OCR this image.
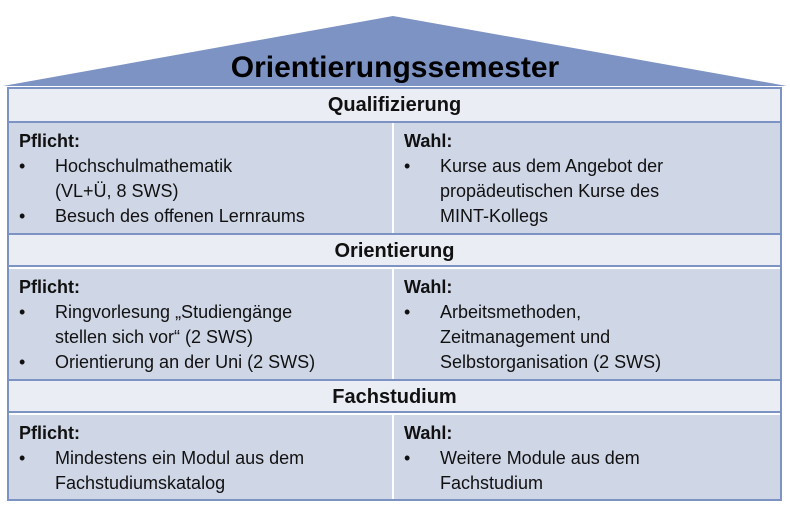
Orientierungssemester
Qualifizierung
Pflicht:
•	Hochschulmathematik
(VL+Ü, 8 SWS)
•	Besuch des offenen Lernraums
Wahl:
•	Kurse aus dem Angebot der
propädeutischen Kurse des
MINT-Kollegs
Orientierung
Pflicht:
•	Ringvorlesung „Studiengänge
stellen sich vor“ (2 SWS)
•	Orientierung an der Uni (2 SWS)
Wahl:
•	Arbeitsmethoden,
Zeitmanagement und
Selbstorganisation (2 SWS)
Fachstudium
Pflicht:
•	Mindestens ein Modul aus dem
Fachstudiumskatalog
Wahl:
•	Weitere Module aus dem
Fachstudium
